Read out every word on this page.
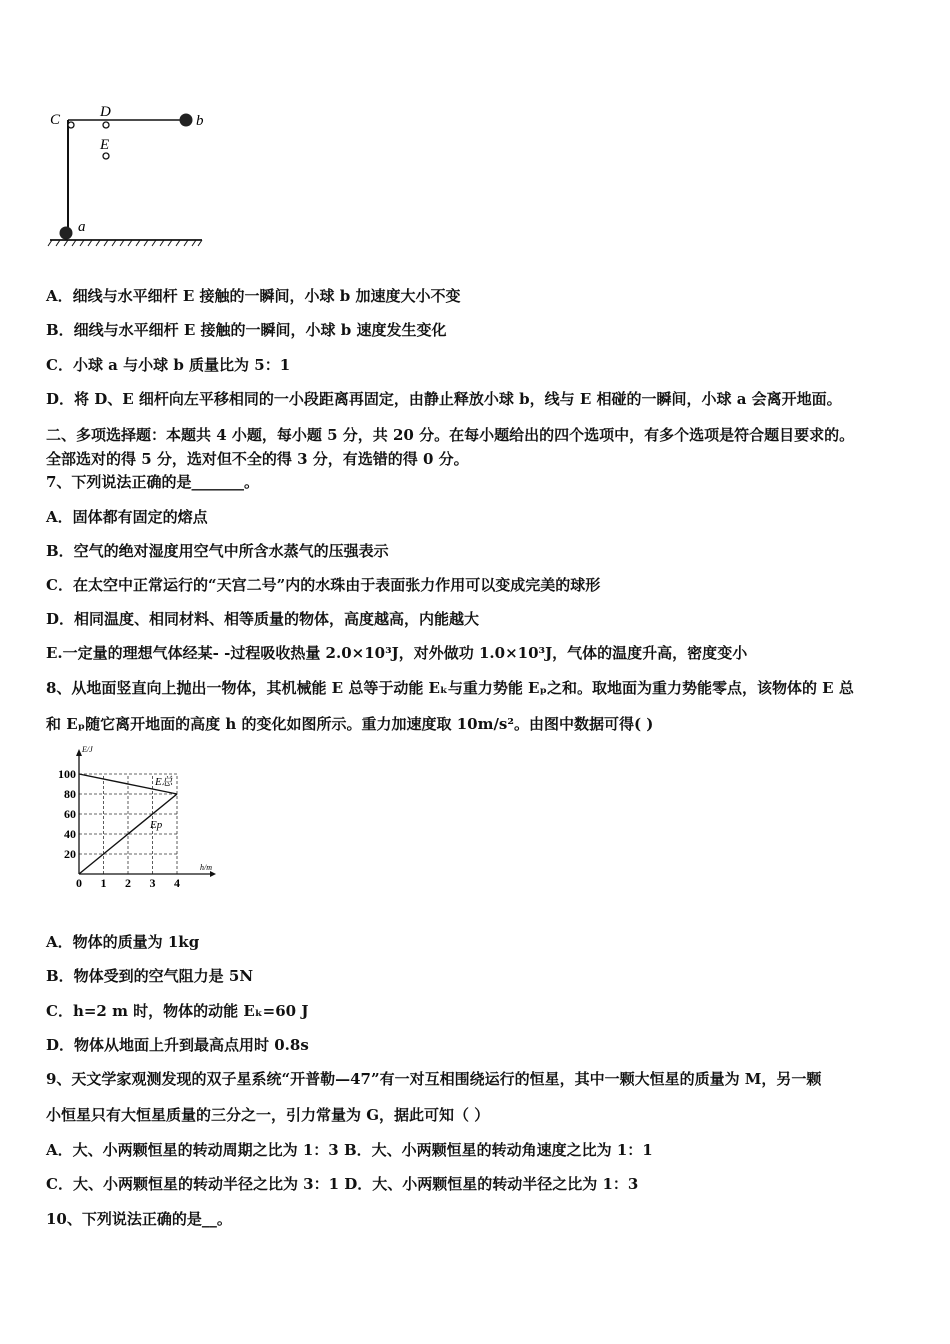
C	D
E
b
a
A．细线与水平细杆 E 接触的一瞬间，小球 b 加速度大小不变
B．细线与水平细杆 E 接触的一瞬间，小球 b 速度发生变化
C．小球 a 与小球 b 质量比为 5：1
D．将 D、E 细杆向左平移相同的一小段距离再固定，由静止释放小球 b，线与 E 相碰的一瞬间，小球 a 会离开地面。
二、多项选择题：本题共 4 小题，每小题 5 分，共 20 分。在每小题给出的四个选项中，有多个选项是符合题目要求的。
全部选对的得 5 分，选对但不全的得 3 分，有选错的得 0 分。
7、下列说法正确的是_______。
A．固体都有固定的熔点
B．空气的绝对湿度用空气中所含水蒸气的压强表示
C．在太空中正常运行的“天宫二号”内的水珠由于表面张力作用可以变成完美的球形
D．相同温度、相同材料、相等质量的物体，高度越高，内能越大
E.一定量的理想气体经某- -过程吸收热量 2.0×10³J，对外做功 1.0×10³J，气体的温度升高，密度变小
8、从地面竖直向上抛出一物体，其机械能 E 总等于动能 Eₖ与重力势能 Eₚ之和。取地面为重力势能零点，该物体的 E 总
和 Eₚ随它离开地面的高度 h 的变化如图所示。重力加速度取 10m/s²。由图中数据可得( )
E/J
h/m
E总
Ep
0 1 2 3 4
20
40
60
80
100
A．物体的质量为 1kg
B．物体受到的空气阻力是 5N
C．h=2 m 时，物体的动能 Eₖ=60 J
D．物体从地面上升到最高点用时 0.8s
9、天文学家观测发现的双子星系统“开普勒—47”有一对互相围绕运行的恒星，其中一颗大恒星的质量为 M，另一颗
小恒星只有大恒星质量的三分之一，引力常量为 G，据此可知（ ）
A．大、小两颗恒星的转动周期之比为 1：3 B．大、小两颗恒星的转动角速度之比为 1：1
C．大、小两颗恒星的转动半径之比为 3：1 D．大、小两颗恒星的转动半径之比为 1：3
10、下列说法正确的是__。
